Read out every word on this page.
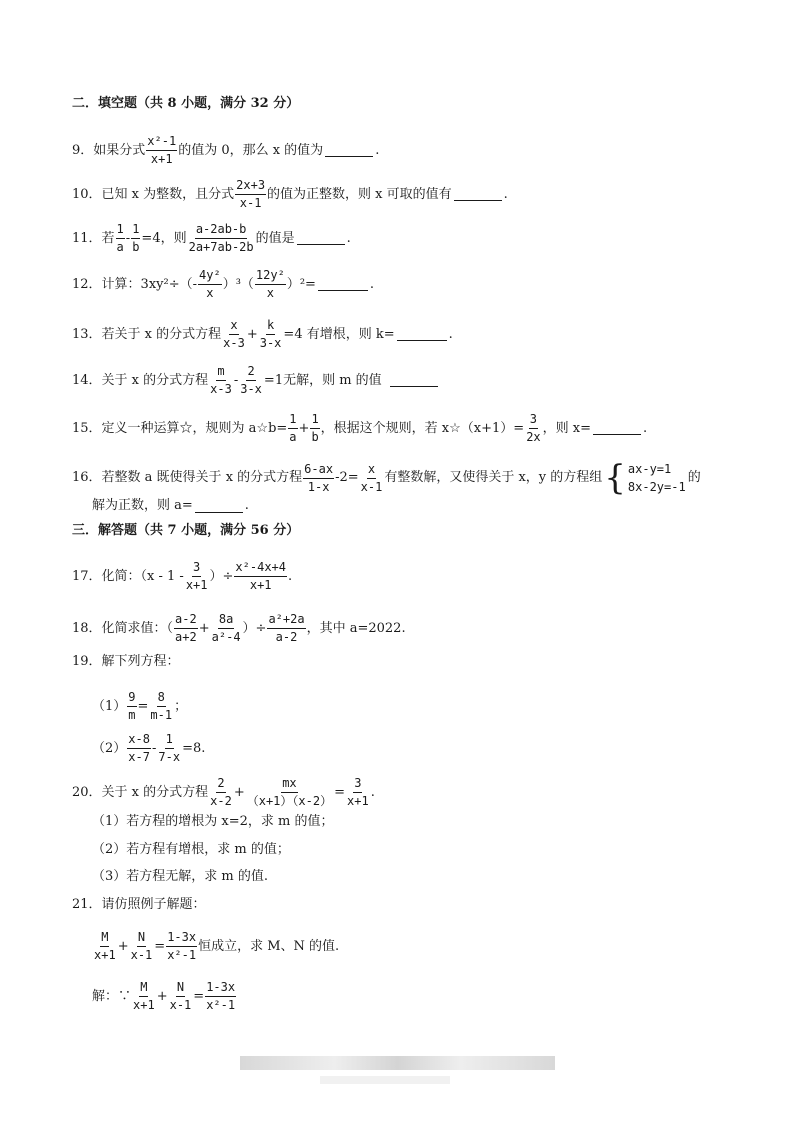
二．填空题（共 8 小题，满分 32 分）
9．如果分式 $\frac{\text{x²-1}}{x+1}$ 的值为 0，那么 x 的值为	.
10．已知 x 为整数，且分式 $\frac{2x+3}{x-1}$ 的值为正整数，则 x 可取的值有	.
11．若 $\frac{1}{a} - \frac{1}{b} =4$，则 $\frac{a-2ab-b}{2a+7ab-2b}$ 的值是	.
12．计算：$3xy^2\div(- \frac{\text{4y²}}{x} )^3( \frac{\text{12y²}}{x} )^2=$	.
13．若关于 x 的分式方程 $\frac{x}{x-3} + \frac{k}{3-x} =4$ 有增根，则 k=	.
14．关于 x 的分式方程 $\frac{m}{x-3} - \frac{2}{3-x} =1$无解，则 m 的值
15．定义一种运算☆，规则为 a☆b= $\frac{1}{a} + \frac{1}{b}$ ，根据这个规则，若 x☆（x+1）= $\frac{3}{2x}$ ，则 x=	.
16．若整数 a 既使得关于 x 的分式方程 $\frac{6-ax}{1-x} -2= \frac{x}{x-1}$ 有整数解，又使得关于 x，y 的方程组 { ax-y=1
8x-2y=-1
的
解为正数，则 a=	.
三．解答题（共 7 小题，满分 56 分）
17．化简：（$x - 1 - \frac{3}{x+1}$ ）÷ $\frac{\text{x²-4x+4}}{x+1}$ .
18．化简求值：（ $\frac{a-2}{a+2} + \frac{8a}{\text{a²-4}}$ ）÷ $\frac{\text{a²+2a}}{a-2}$ ，其中 a=2022.
19．解下列方程：
$(1) \frac{9}{m} = \frac{8}{m-1}$ ；
$(2) \frac{x-8}{x-7} - \frac{1}{7-x} =8$.
20．关于 x 的分式方程 $\frac{2}{x-2} + \frac{mx}{(x+1)(x-2)} = \frac{3}{x+1}$ .
（1）若方程的增根为 x=2，求 m 的值；
（2）若方程有增根，求 m 的值；
（3）若方程无解，求 m 的值.
21．请仿照例子解题：
$\frac{M}{x+1} + \frac{N}{x-1} = \frac{1-3x}{\text{x²-1}}$ 恒成立，求 M、N 的值.
解：∵ $\frac{M}{x+1} + \frac{N}{x-1} = \frac{1-3x}{\text{x²-1}}$
